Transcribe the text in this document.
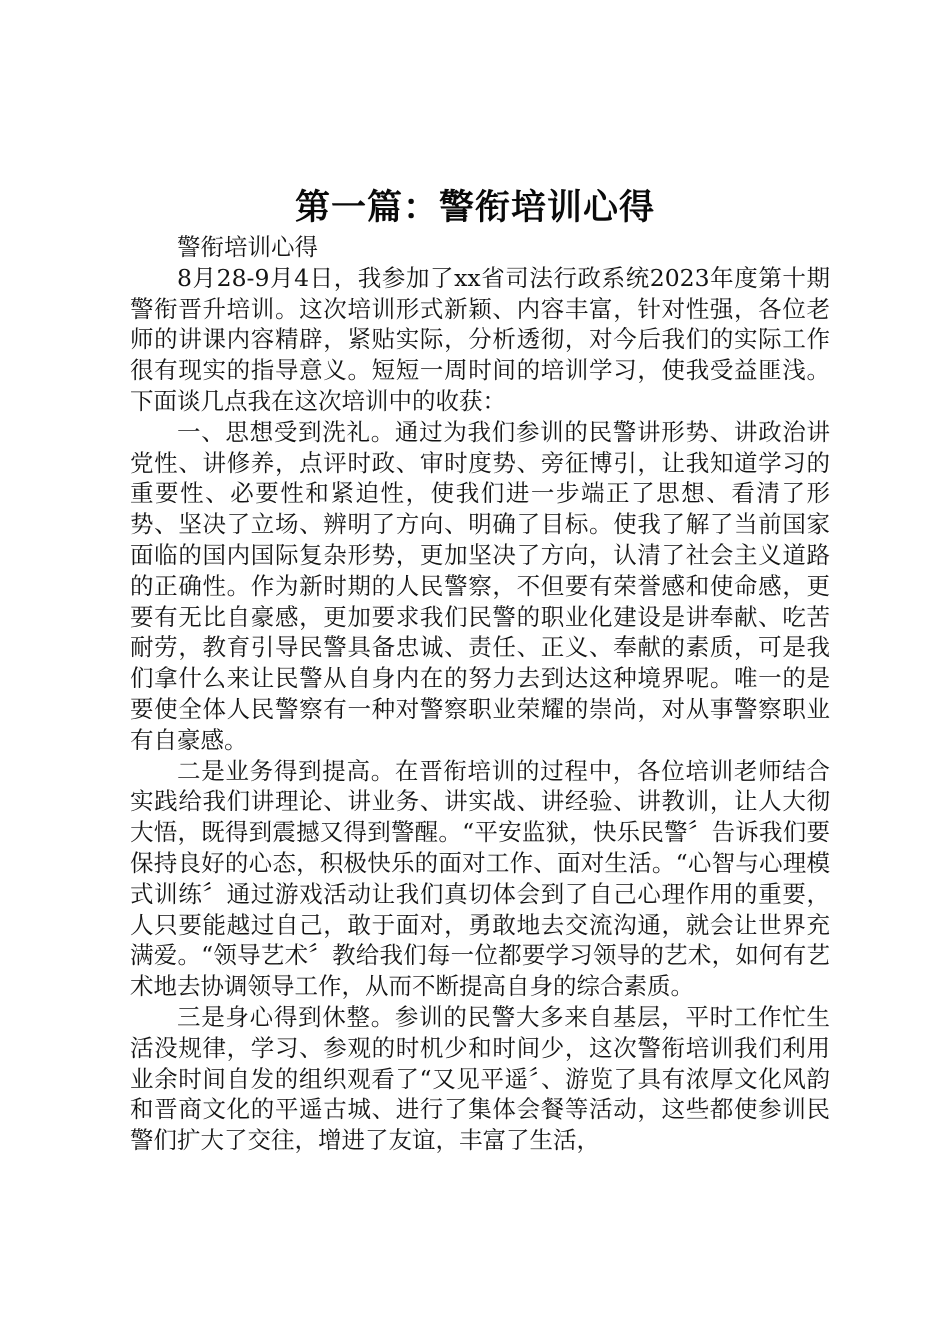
第一篇：警衔培训心得

警衔培训心得

8月28-9月4日，我参加了xx省司法行政系统2023年度第十期警衔晋升培训。这次培训形式新颖、内容丰富，针对性强，各位老师的讲课内容精辟，紧贴实际，分析透彻，对今后我们的实际工作很有现实的指导意义。短短一周时间的培训学习，使我受益匪浅。下面谈几点我在这次培训中的收获：

一、思想受到洗礼。通过为我们参训的民警讲形势、讲政治讲党性、讲修养，点评时政、审时度势、旁征博引，让我知道学习的重要性、必要性和紧迫性，使我们进一步端正了思想、看清了形势、坚决了立场、辨明了方向、明确了目标。使我了解了当前国家面临的国内国际复杂形势，更加坚决了方向，认清了社会主义道路的正确性。作为新时期的人民警察，不但要有荣誉感和使命感，更要有无比自豪感，更加要求我们民警的职业化建设是讲奉献、吃苦耐劳，教育引导民警具备忠诚、责任、正义、奉献的素质，可是我们拿什么来让民警从自身内在的努力去到达这种境界呢。唯一的是要使全体人民警察有一种对警察职业荣耀的崇尚，对从事警察职业有自豪感。

二是业务得到提高。在晋衔培训的过程中，各位培训老师结合实践给我们讲理论、讲业务、讲实战、讲经验、讲教训，让人大彻大悟，既得到震撼又得到警醒。“平安监狱，快乐民警〞告诉我们要保持良好的心态，积极快乐的面对工作、面对生活。“心智与心理模式训练〞通过游戏活动让我们真切体会到了自己心理作用的重要，人只要能越过自己，敢于面对，勇敢地去交流沟通，就会让世界充满爱。“领导艺术〞教给我们每一位都要学习领导的艺术，如何有艺术地去协调领导工作，从而不断提高自身的综合素质。

三是身心得到休整。参训的民警大多来自基层，平时工作忙生活没规律，学习、参观的时机少和时间少，这次警衔培训我们利用业余时间自发的组织观看了“又见平遥〞、游览了具有浓厚文化风韵和晋商文化的平遥古城、进行了集体会餐等活动，这些都使参训民警们扩大了交往，增进了友谊，丰富了生活，
